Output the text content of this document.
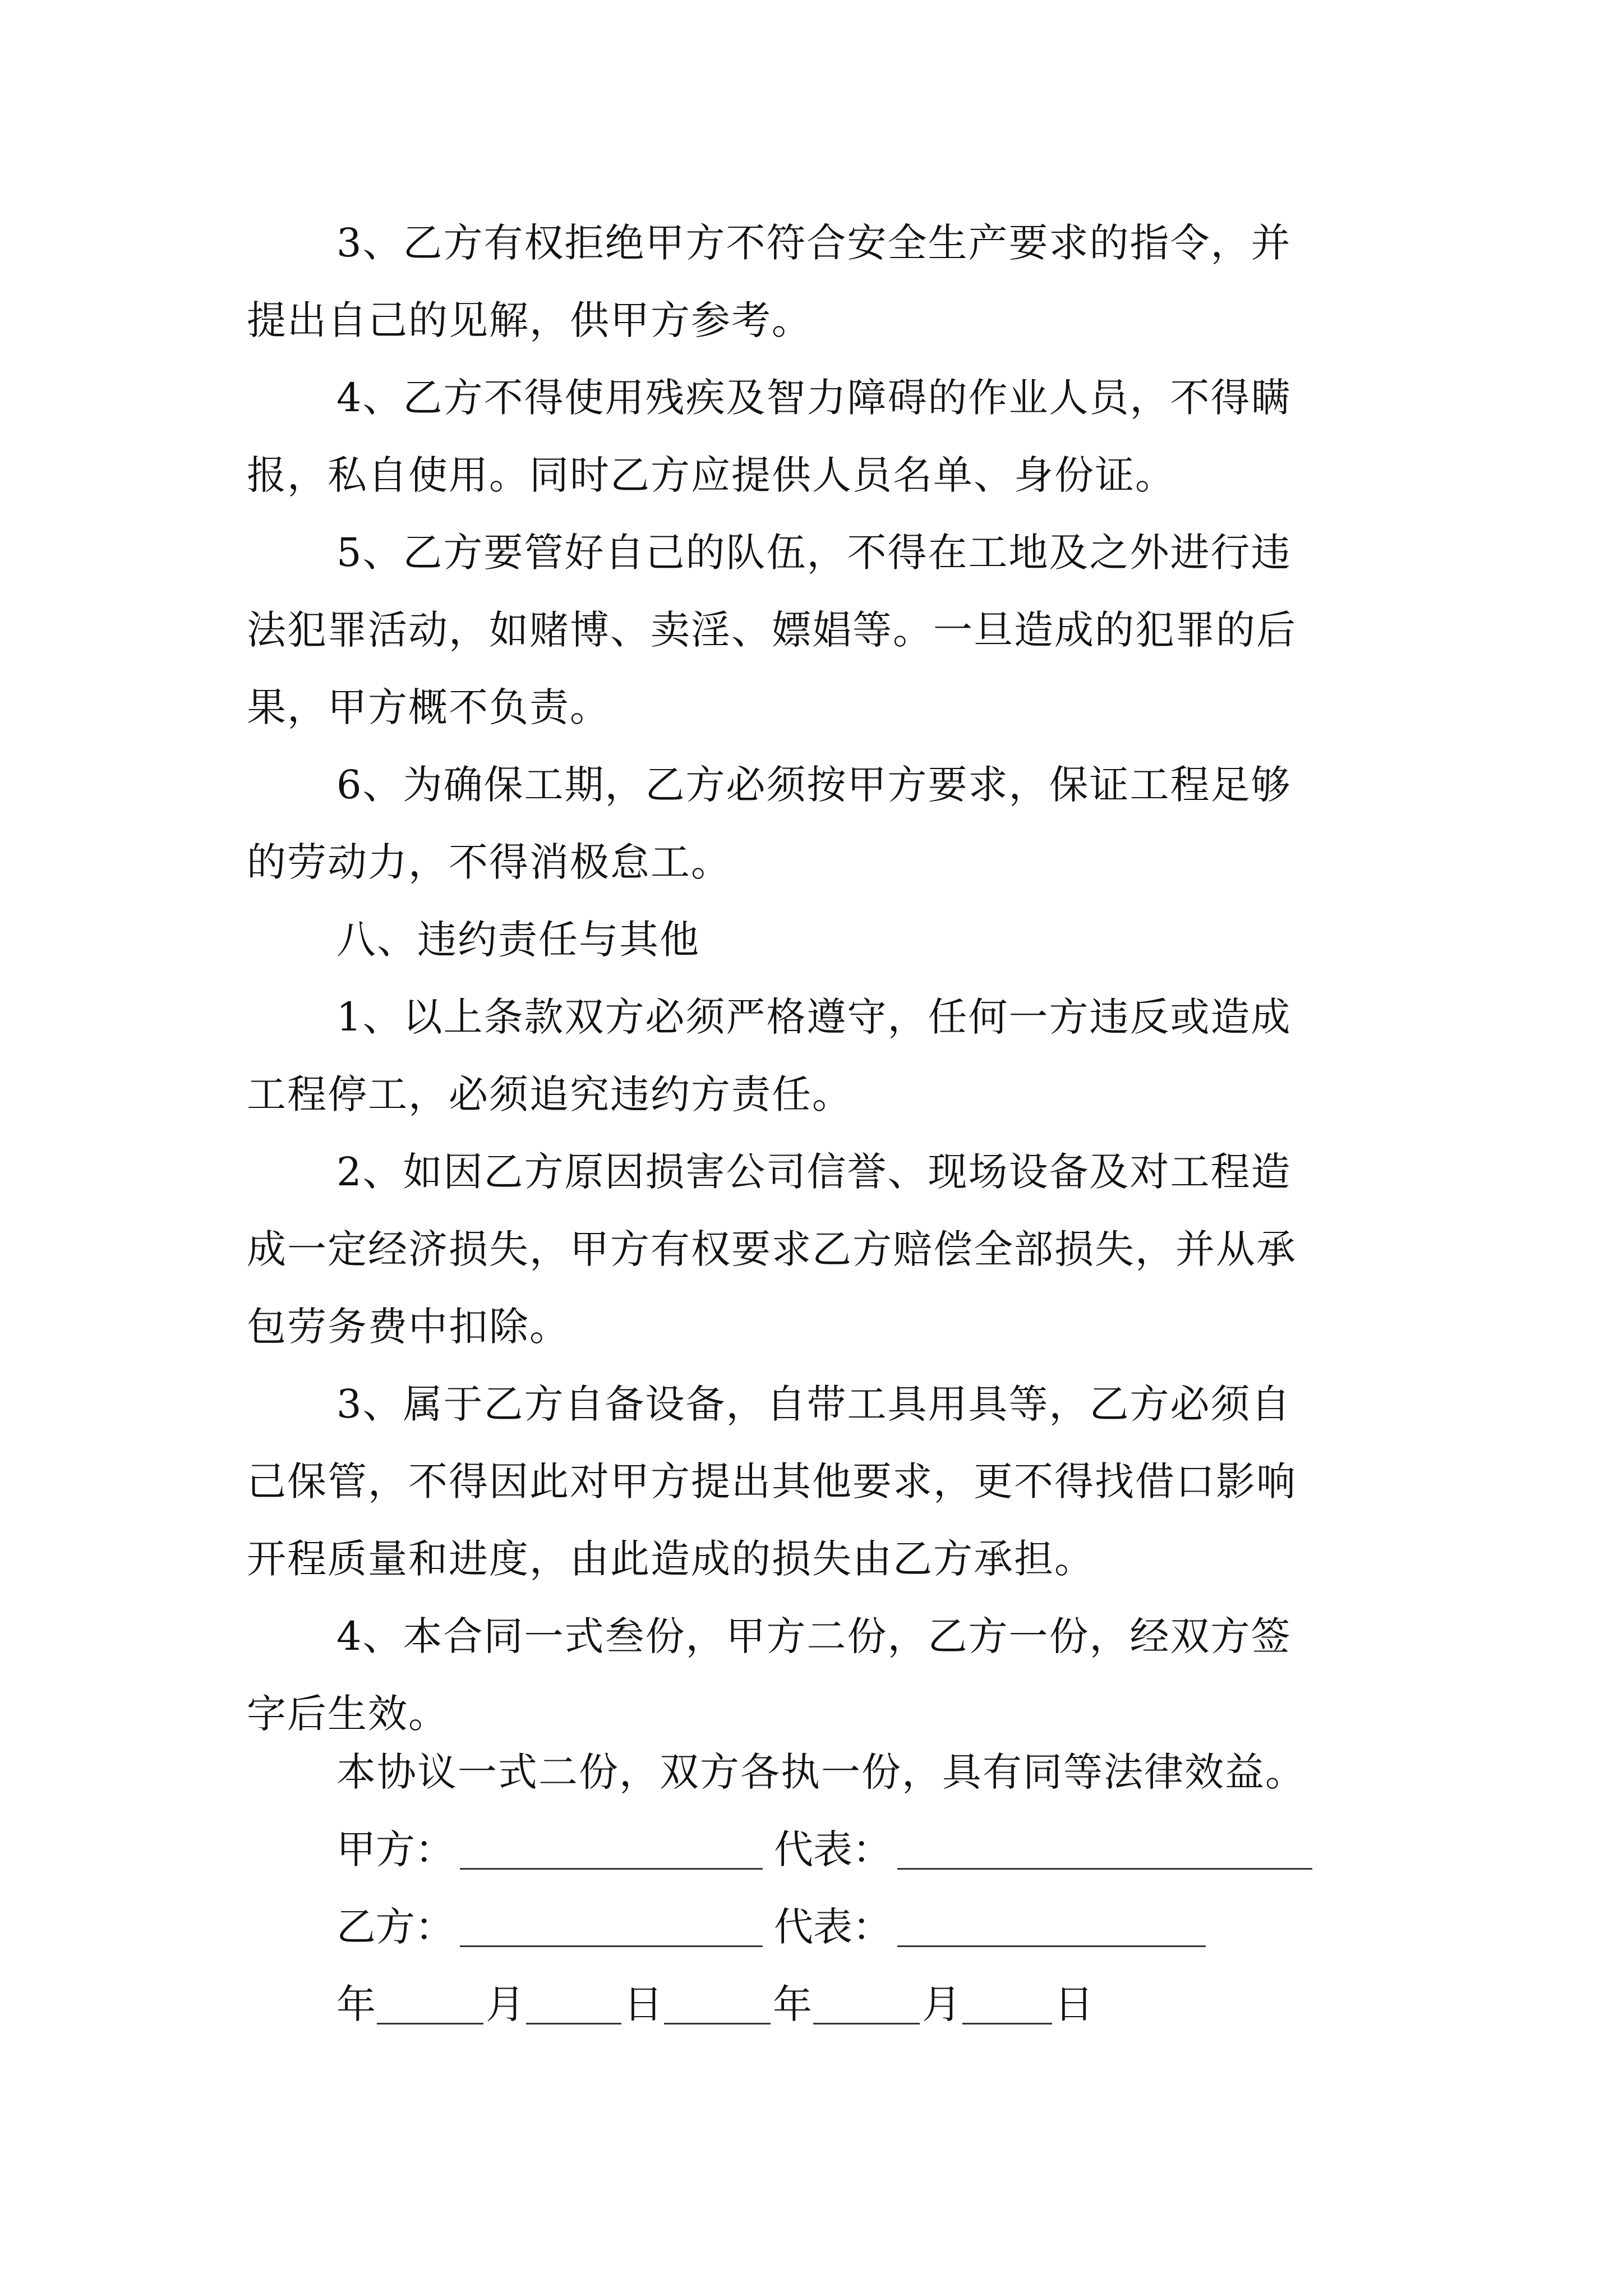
3、乙方有权拒绝甲方不符合安全生产要求的指令，并
提出自己的见解，供甲方参考。
4、乙方不得使用残疾及智力障碍的作业人员，不得瞒
报，私自使用。同时乙方应提供人员名单、身份证。
5、乙方要管好自己的队伍，不得在工地及之外进行违
法犯罪活动，如赌博、卖淫、嫖娼等。一旦造成的犯罪的后
果，甲方概不负责。
6、为确保工期，乙方必须按甲方要求，保证工程足够
的劳动力，不得消极怠工。
八、违约责任与其他
1、以上条款双方必须严格遵守，任何一方违反或造成
工程停工，必须追究违约方责任。
2、如因乙方原因损害公司信誉、现场设备及对工程造
成一定经济损失，甲方有权要求乙方赔偿全部损失，并从承
包劳务费中扣除。
3、属于乙方自备设备，自带工具用具等，乙方必须自
己保管，不得因此对甲方提出其他要求，更不得找借口影响
开程质量和进度，由此造成的损失由乙方承担。
4、本合同一式叁份，甲方二份，乙方一份，经双方签
字后生效。
本协议一式二份，双方各执一份，具有同等法律效益。
甲方：	代表：
乙方：	代表：
年	月	日	年	月 日
